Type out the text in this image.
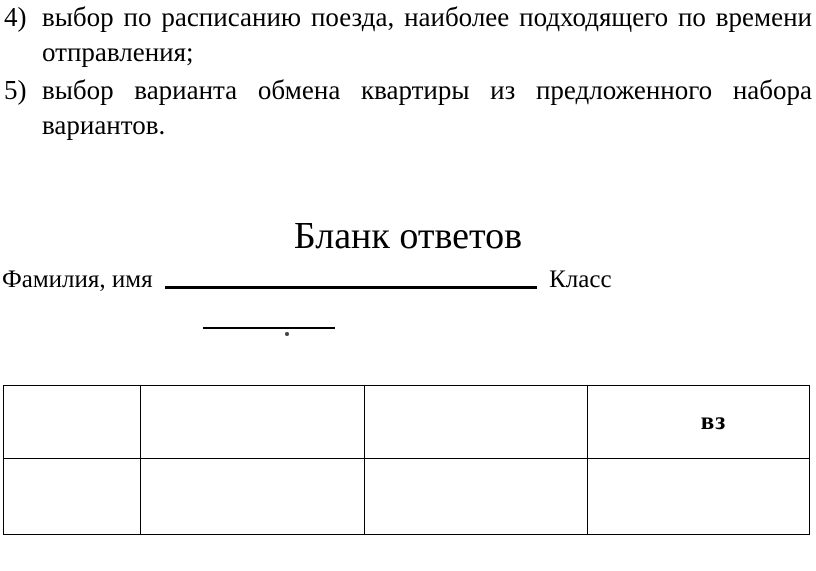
4) выбор по расписанию поезда, наиболее подходящего по времени отправления;
5) выбор варианта обмена квартиры из предложенного набора вариантов.
Бланк ответов
Фамилия, имя	Класс
			вз
